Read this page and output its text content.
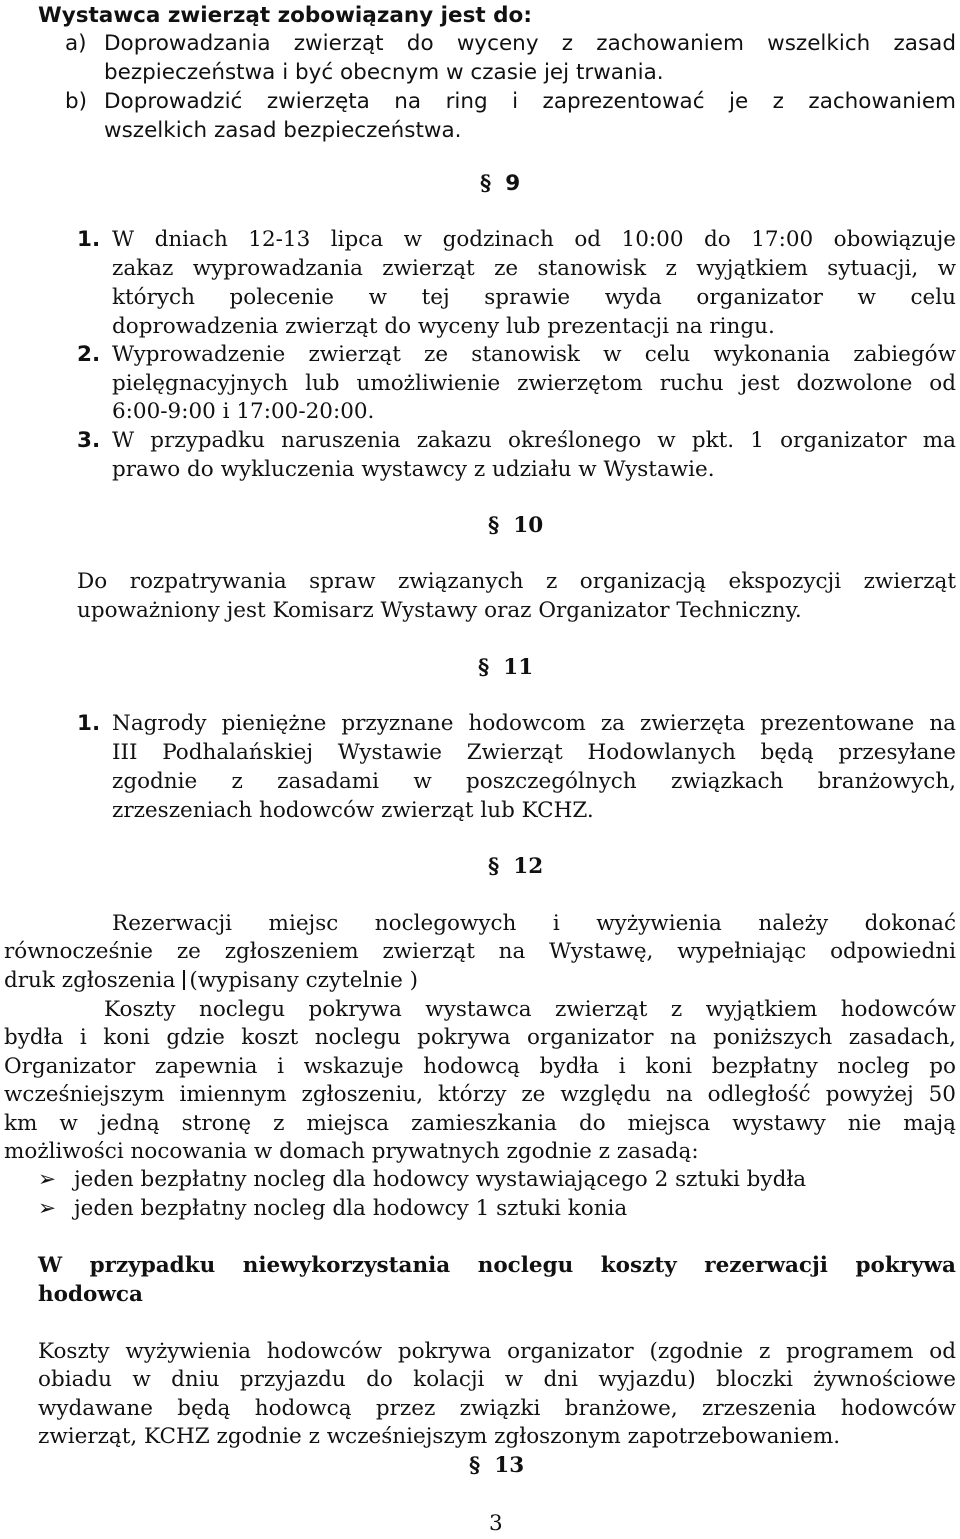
Wystawca zwierząt zobowiązany jest do:
a) Doprowadzania zwierząt do wyceny z zachowaniem wszelkich zasad
bezpieczeństwa i być obecnym w czasie jej trwania.
b) Doprowadzić zwierzęta na ring i zaprezentować je z zachowaniem
wszelkich zasad bezpieczeństwa.
§ 9
1. W dniach 12-13 lipca w godzinach od 10:00 do 17:00 obowiązuje
zakaz wyprowadzania zwierząt ze stanowisk z wyjątkiem sytuacji, w
których polecenie w tej sprawie wyda organizator w celu
doprowadzenia zwierząt do wyceny lub prezentacji na ringu.
2. Wyprowadzenie zwierząt ze stanowisk w celu wykonania zabiegów
pielęgnacyjnych lub umożliwienie zwierzętom ruchu jest dozwolone od
6:00-9:00 i 17:00-20:00.
3. W przypadku naruszenia zakazu określonego w pkt. 1 organizator ma
prawo do wykluczenia wystawcy z udziału w Wystawie.
§ 10
Do rozpatrywania spraw związanych z organizacją ekspozycji zwierząt
upoważniony jest Komisarz Wystawy oraz Organizator Techniczny.
§ 11
1. Nagrody pieniężne przyznane hodowcom za zwierzęta prezentowane na
III Podhalańskiej Wystawie Zwierząt Hodowlanych będą przesyłane
zgodnie z zasadami w poszczególnych związkach branżowych,
zrzeszeniach hodowców zwierząt lub KCHZ.
§ 12
Rezerwacji miejsc noclegowych i wyżywienia należy dokonać
równocześnie ze zgłoszeniem zwierząt na Wystawę, wypełniając odpowiedni
druk zgłoszenia (wypisany czytelnie )
Koszty noclegu pokrywa wystawca zwierząt z wyjątkiem hodowców
bydła i koni gdzie koszt noclegu pokrywa organizator na poniższych zasadach,
Organizator zapewnia i wskazuje hodowcą bydła i koni bezpłatny nocleg po
wcześniejszym imiennym zgłoszeniu, którzy ze względu na odległość powyżej 50
km w jedną stronę z miejsca zamieszkania do miejsca wystawy nie mają
możliwości nocowania w domach prywatnych zgodnie z zasadą:
➢ jeden bezpłatny nocleg dla hodowcy wystawiającego 2 sztuki bydła
➢ jeden bezpłatny nocleg dla hodowcy 1 sztuki konia
W przypadku niewykorzystania noclegu koszty rezerwacji pokrywa
hodowca
Koszty wyżywienia hodowców pokrywa organizator (zgodnie z programem od
obiadu w dniu przyjazdu do kolacji w dni wyjazdu) bloczki żywnościowe
wydawane będą hodowcą przez związki branżowe, zrzeszenia hodowców
zwierząt, KCHZ zgodnie z wcześniejszym zgłoszonym zapotrzebowaniem.
§ 13
3
